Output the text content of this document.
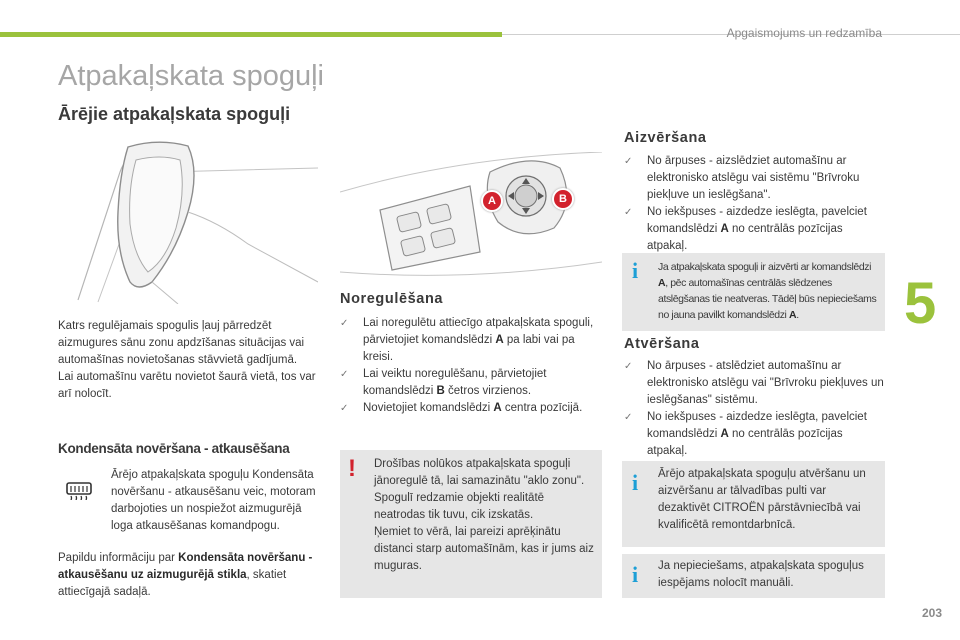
Apgaismojums un redzamība
5
203
Atpakaļskata spoguļi
Ārējie atpakaļskata spoguļi
A	B

Katrs regulējamais spogulis ļauj pārredzēt aizmugures sānu zonu apdzīšanas situācijas vai automašīnas novietošanas stāvvietā gadījumā.

Lai automašīnu varētu novietot šaurā vietā, tos var arī nolocīt.

Kondensāta novēršana - atkausēšana

Ārējo atpakaļskata spoguļu Kondensāta novēršanu - atkausēšanu veic, motoram darbojoties un nospiežot aizmugurējā loga atkausēšanas komandpogu.

Papildu informāciju par Kondensāta novēršanu - atkausēšanu uz aizmugurējā stikla, skatiet attiecīgajā sadaļā.

Noregulēšana
✓ Lai noregulētu attiecīgo atpakaļskata spoguli, pārvietojiet komandslēdzi A pa labi vai pa kreisi.
✓ Lai veiktu noregulēšanu, pārvietojiet komandslēdzi B četros virzienos.
✓ Novietojiet komandslēdzi A centra pozīcijā.
! Drošības nolūkos atpakaļskata spoguļi jānoregulē tā, lai samazinātu "aklo zonu".

Spogulī redzamie objekti realitātē neatrodas tik tuvu, cik izskatās.

Ņemiet to vērā, lai pareizi aprēķinātu distanci starp automašīnām, kas ir jums aiz muguras.

Aizvēršana
✓ No ārpuses - aizslēdziet automašīnu ar elektronisko atslēgu vai sistēmu "Brīvroku piekļuve un ieslēgšana".
✓ No iekšpuses - aizdedze ieslēgta, pavelciet komandslēdzi A no centrālās pozīcijas atpakaļ.
i Ja atpakaļskata spoguļi ir aizvērti ar komandslēdzi A, pēc automašīnas centrālās slēdzenes atslēgšanas tie neatveras. Tādēļ būs nepieciešams no jauna pavilkt komandslēdzi A.

Atvēršana
✓ No ārpuses - atslēdziet automašīnu ar elektronisko atslēgu vai "Brīvroku piekļuves un ieslēgšanas" sistēmu.
✓ No iekšpuses - aizdedze ieslēgta, pavelciet komandslēdzi A no centrālās pozīcijas atpakaļ.
i Ārējo atpakaļskata spoguļu atvēršanu un aizvēršanu ar tālvadības pulti var dezaktivēt CITROËN pārstāvniecībā vai kvalificētā remontdarbnīcā.

i Ja nepieciešams, atpakaļskata spoguļus iespējams nolocīt manuāli.
